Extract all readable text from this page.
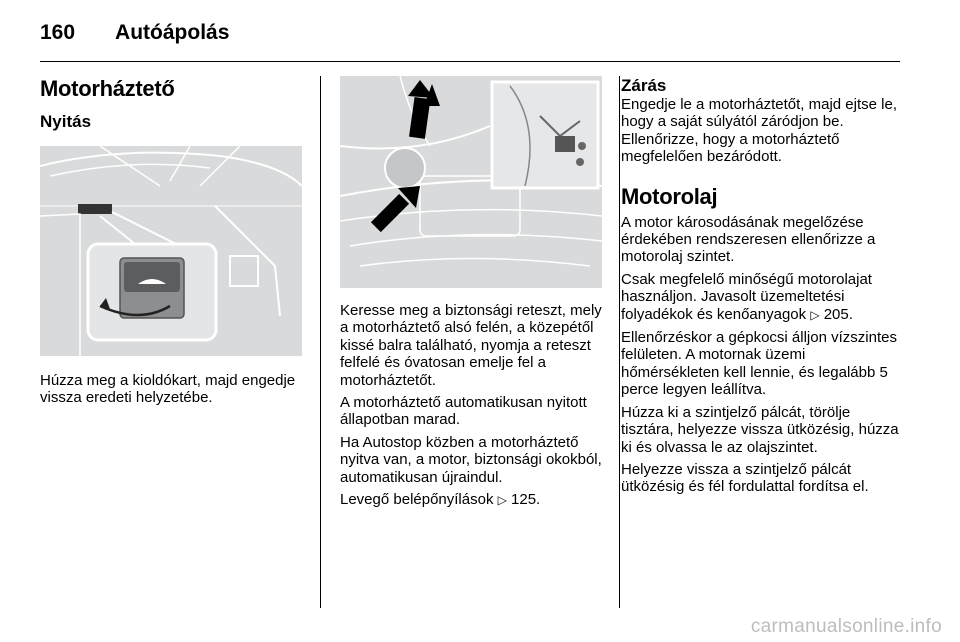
160 Autóápolás
Motorháztető
Nyitás

Húzza meg a kioldókart, majd engedje vissza eredeti helyzetébe.

Keresse meg a biztonsági reteszt, mely a motorháztető alsó felén, a közepétől kissé balra található, nyomja a reteszt felfelé és óvatosan emelje fel a motorháztetőt.

A motorháztető automatikusan nyitott állapotban marad.

Ha Autostop közben a motorháztető nyitva van, a motor, biztonsági okokból, automatikusan újraindul.

Levegő belépőnyílások ▷ 125.

Zárás

Engedje le a motorháztetőt, majd ejtse le, hogy a saját súlyától záródjon be. Ellenőrizze, hogy a motorháztető megfelelően bezáródott.

Motorolaj

A motor károsodásának megelőzése érdekében rendszeresen ellenőrizze a motorolaj szintet.

Csak megfelelő minőségű motorolajat használjon. Javasolt üzemeltetési folyadékok és kenőanyagok ▷ 205.

Ellenőrzéskor a gépkocsi álljon vízszintes felületen. A motornak üzemi hőmérsékleten kell lennie, és legalább 5 perce legyen leállítva.

Húzza ki a szintjelző pálcát, törölje tisztára, helyezze vissza ütközésig, húzza ki és olvassa le az olajszintet.

Helyezze vissza a szintjelző pálcát ütközésig és fél fordulattal fordítsa el.

carmanualsonline.info
